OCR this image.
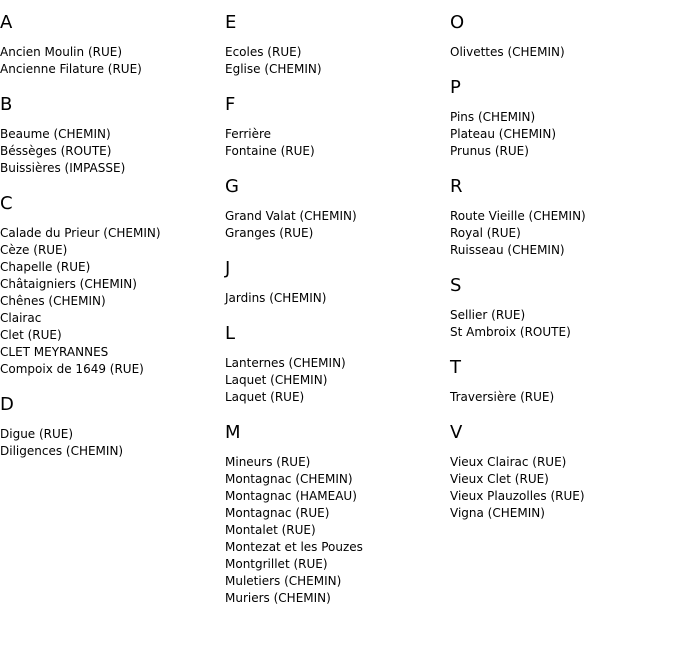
A
Ancien Moulin (RUE)
Ancienne Filature (RUE)
B
Beaume (CHEMIN)
Béssèges (ROUTE)
Buissières (IMPASSE)
C
Calade du Prieur (CHEMIN)
Cèze (RUE)
Chapelle (RUE)
Châtaigniers (CHEMIN)
Chênes (CHEMIN)
Clairac
Clet (RUE)
CLET MEYRANNES
Compoix de 1649 (RUE)
D
Digue (RUE)
Diligences (CHEMIN)
E
Ecoles (RUE)
Eglise (CHEMIN)
F
Ferrière
Fontaine (RUE)
G
Grand Valat (CHEMIN)
Granges (RUE)
J
Jardins (CHEMIN)
L
Lanternes (CHEMIN)
Laquet (CHEMIN)
Laquet (RUE)
M
Mineurs (RUE)
Montagnac (CHEMIN)
Montagnac (HAMEAU)
Montagnac (RUE)
Montalet (RUE)
Montezat et les Pouzes
Montgrillet (RUE)
Muletiers (CHEMIN)
Muriers (CHEMIN)
O
Olivettes (CHEMIN)
P
Pins (CHEMIN)
Plateau (CHEMIN)
Prunus (RUE)
R
Route Vieille (CHEMIN)
Royal (RUE)
Ruisseau (CHEMIN)
S
Sellier (RUE)
St Ambroix (ROUTE)
T
Traversière (RUE)
V
Vieux Clairac (RUE)
Vieux Clet (RUE)
Vieux Plauzolles (RUE)
Vigna (CHEMIN)
